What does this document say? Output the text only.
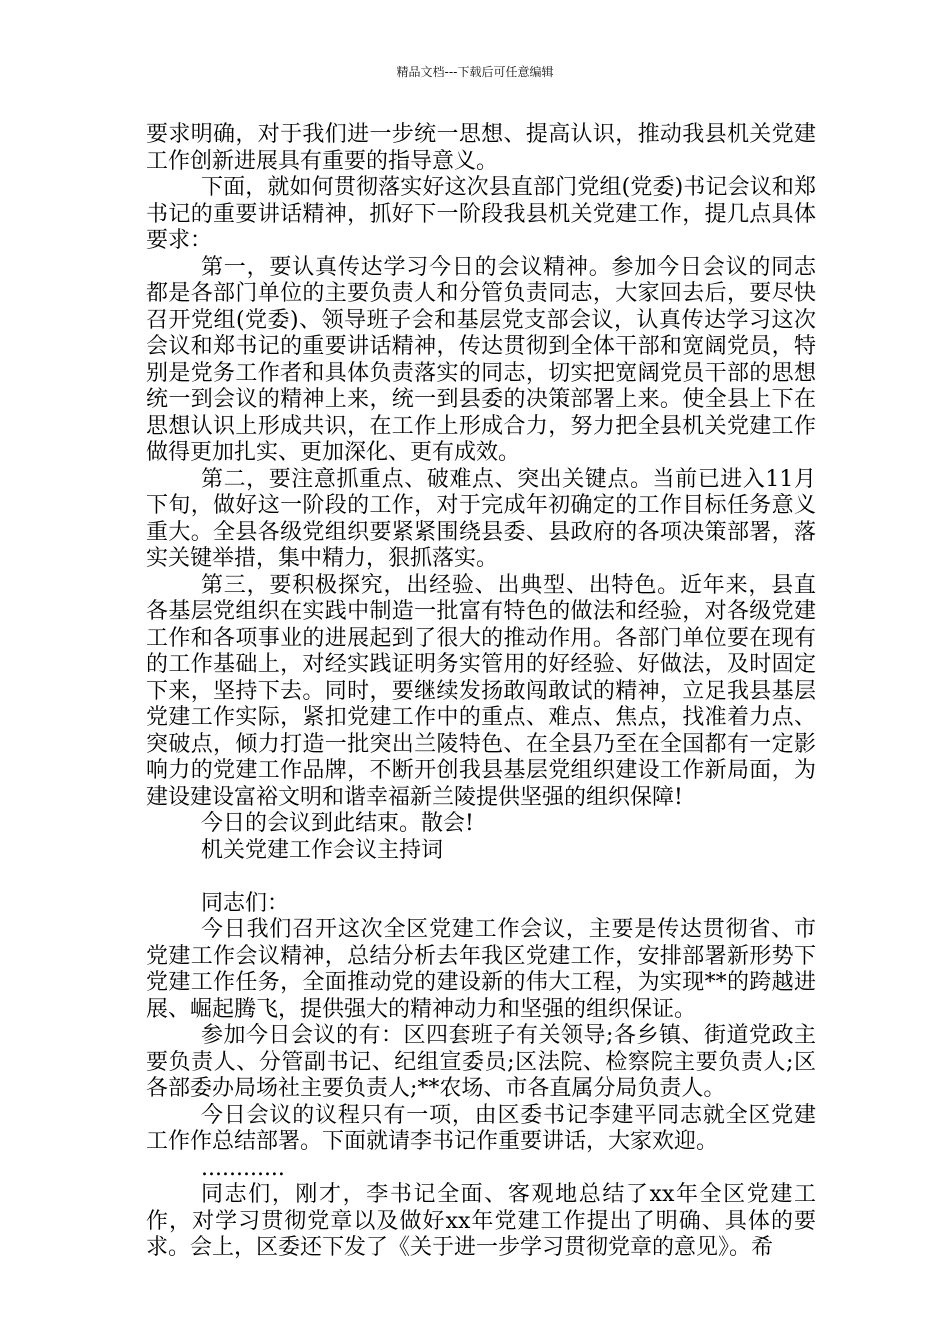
精品文档---下载后可任意编辑

要求明确，对于我们进一步统一思想、提高认识，推动我县机关党建工作创新进展具有重要的指导意义。

下面，就如何贯彻落实好这次县直部门党组(党委)书记会议和郑书记的重要讲话精神，抓好下一阶段我县机关党建工作，提几点具体要求：

第一，要认真传达学习今日的会议精神。参加今日会议的同志都是各部门单位的主要负责人和分管负责同志，大家回去后，要尽快召开党组(党委)、领导班子会和基层党支部会议，认真传达学习这次会议和郑书记的重要讲话精神，传达贯彻到全体干部和宽阔党员，特别是党务工作者和具体负责落实的同志，切实把宽阔党员干部的思想统一到会议的精神上来，统一到县委的决策部署上来。使全县上下在思想认识上形成共识，在工作上形成合力，努力把全县机关党建工作做得更加扎实、更加深化、更有成效。

第二，要注意抓重点、破难点、突出关键点。当前已进入11月下旬，做好这一阶段的工作，对于完成年初确定的工作目标任务意义重大。全县各级党组织要紧紧围绕县委、县政府的各项决策部署，落实关键举措，集中精力，狠抓落实。

第三，要积极探究，出经验、出典型、出特色。近年来，县直各基层党组织在实践中制造一批富有特色的做法和经验，对各级党建工作和各项事业的进展起到了很大的推动作用。各部门单位要在现有的工作基础上，对经实践证明务实管用的好经验、好做法，及时固定下来，坚持下去。同时，要继续发扬敢闯敢试的精神，立足我县基层党建工作实际，紧扣党建工作中的重点、难点、焦点，找准着力点、突破点，倾力打造一批突出兰陵特色、在全县乃至在全国都有一定影响力的党建工作品牌，不断开创我县基层党组织建设工作新局面，为建设建设富裕文明和谐幸福新兰陵提供坚强的组织保障!

今日的会议到此结束。散会!

机关党建工作会议主持词

同志们：

今日我们召开这次全区党建工作会议，主要是传达贯彻省、市党建工作会议精神，总结分析去年我区党建工作，安排部署新形势下党建工作任务，全面推动党的建设新的伟大工程，为实现**的跨越进展、崛起腾飞，提供强大的精神动力和坚强的组织保证。

参加今日会议的有：区四套班子有关领导;各乡镇、街道党政主要负责人、分管副书记、纪组宣委员;区法院、检察院主要负责人;区各部委办局场社主要负责人;**农场、市各直属分局负责人。

今日会议的议程只有一项，由区委书记李建平同志就全区党建工作作总结部署。下面就请李书记作重要讲话，大家欢迎。

............

同志们，刚才，李书记全面、客观地总结了xx年全区党建工作，对学习贯彻党章以及做好xx年党建工作提出了明确、具体的要求。会上，区委还下发了《关于进一步学习贯彻党章的意见》。希
